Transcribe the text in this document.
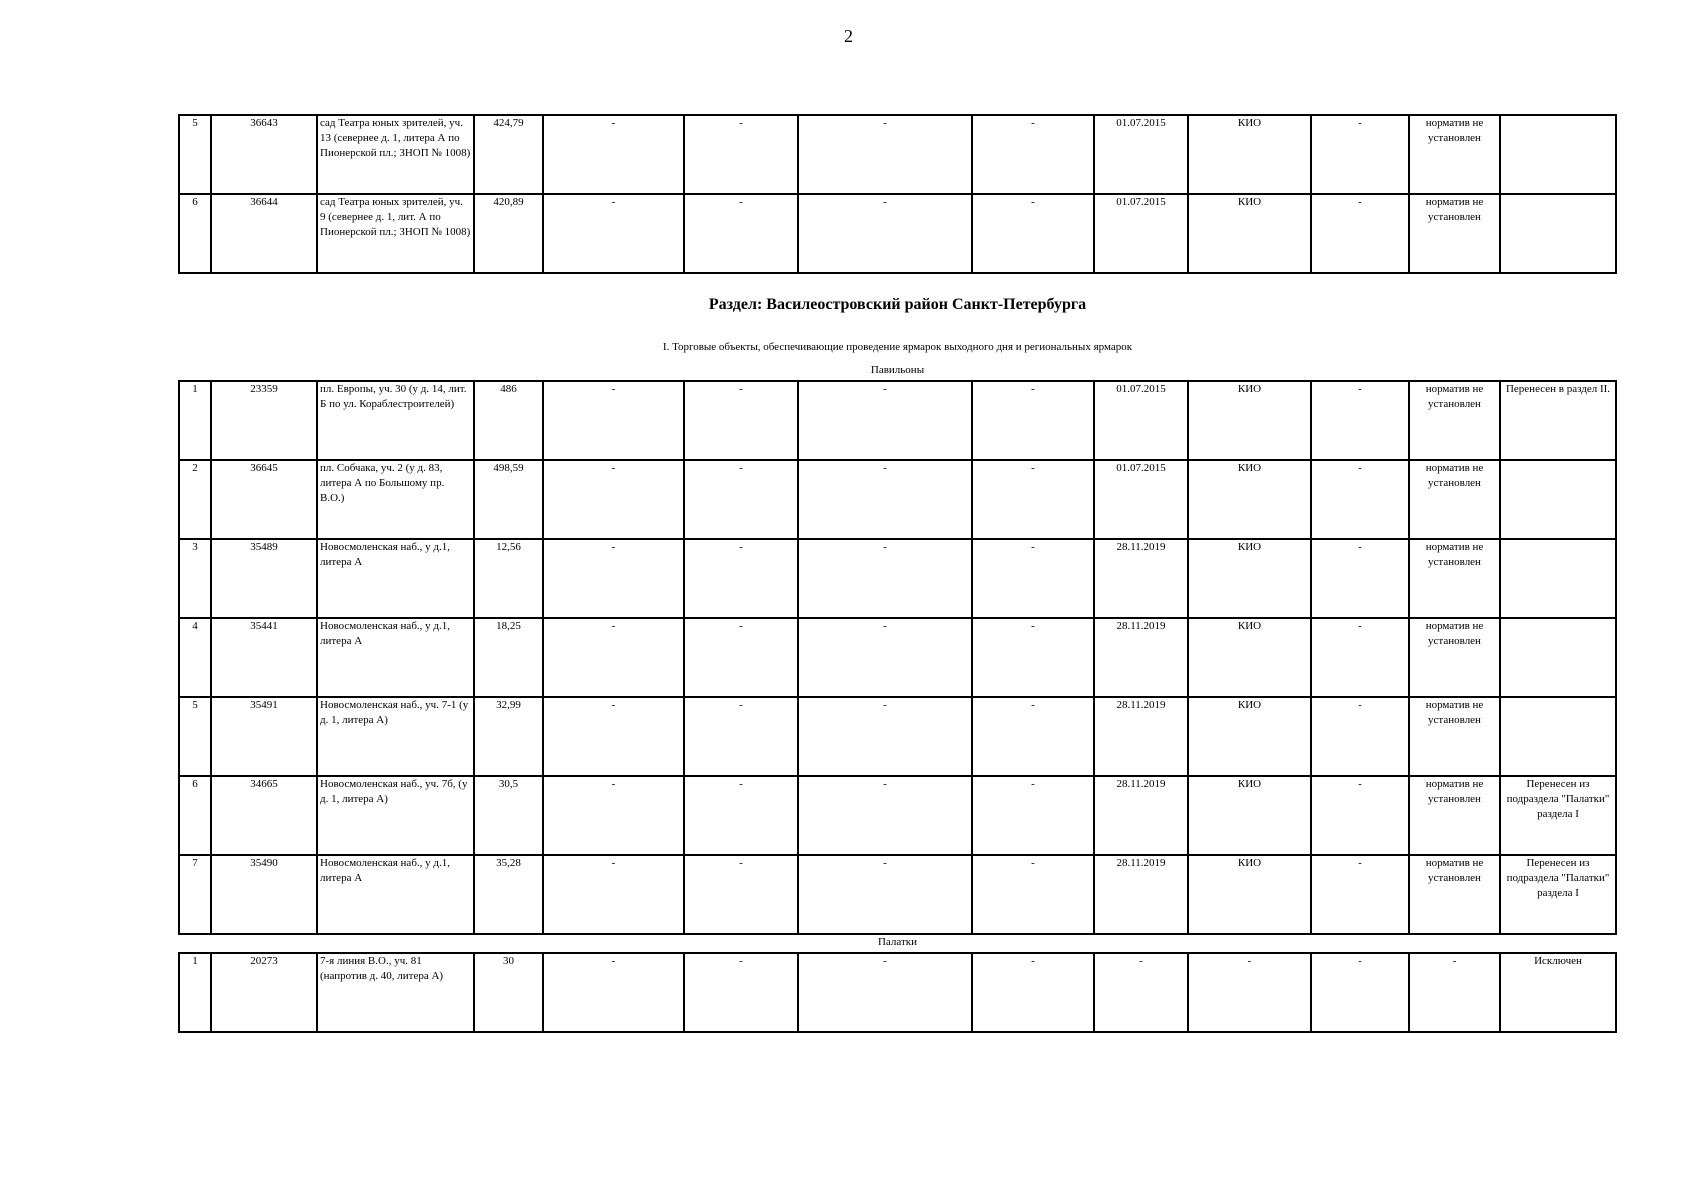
2
5	36643	сад Театра юных зрителей, уч. 13 (севернее д. 1, литера А по Пионерской пл.; ЗНОП № 1008)	424,79	-	-	-	-	01.07.2015	КИО	-	норматив не установлен	
6	36644	сад Театра юных зрителей, уч. 9 (севернее д. 1, лит. А по Пионерской пл.; ЗНОП № 1008)	420,89	-	-	-	-	01.07.2015	КИО	-	норматив не установлен	
Раздел: Василеостровский район Санкт-Петербурга
I. Торговые объекты, обеспечивающие проведение ярмарок выходного дня и региональных ярмарок
Павильоны
1	23359	пл. Европы, уч. 30 (у д. 14, лит. Б по ул. Кораблестроителей)	486	-	-	-	-	01.07.2015	КИО	-	норматив не установлен	Перенесен в раздел II.
2	36645	пл. Собчака, уч. 2 (у д. 83, литера А по Большому пр. В.О.)	498,59	-	-	-	-	01.07.2015	КИО	-	норматив не установлен	
3	35489	Новосмоленская наб., у д.1, литера А	12,56	-	-	-	-	28.11.2019	КИО	-	норматив не установлен	
4	35441	Новосмоленская наб., у д.1, литера А	18,25	-	-	-	-	28.11.2019	КИО	-	норматив не установлен	
5	35491	Новосмоленская наб., уч. 7-1 (у д. 1, литера А)	32,99	-	-	-	-	28.11.2019	КИО	-	норматив не установлен	
6	34665	Новосмоленская наб., уч. 7б, (у д. 1, литера А)	30,5	-	-	-	-	28.11.2019	КИО	-	норматив не установлен	Перенесен из подраздела "Палатки" раздела I
7	35490	Новосмоленская наб., у д.1, литера А	35,28	-	-	-	-	28.11.2019	КИО	-	норматив не установлен	Перенесен из подраздела "Палатки" раздела I
Палатки
1	20273	7-я линия В.О., уч. 81 (напротив д. 40, литера А)	30	-	-	-	-	-	-	-	-	Исключен
